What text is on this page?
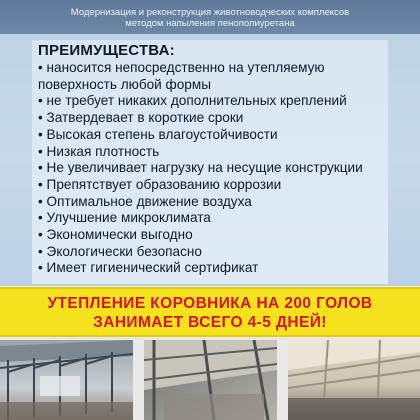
Модернизация и реконструкция животноводческих комплексов
методом напыления пенополиуретана
ПРЕИМУЩЕСТВА:
• наносится непосредственно на утепляемую
поверхность любой формы
• не требует никаких дополнительных креплений
• Затвердевает в короткие сроки
• Высокая степень влагоустойчивости
• Низкая плотность
• Не увеличивает нагрузку на несущие конструкции
• Препятствует образованию коррозии
• Оптимальное движение воздуха
• Улучшение микроклимата
• Экономически выгодно
• Экологически безопасно
• Имеет гигиенический сертификат
УТЕПЛЕНИЕ КОРОВНИКА НА 200 ГОЛОВ
ЗАНИМАЕТ ВСЕГО 4-5 ДНЕЙ!
